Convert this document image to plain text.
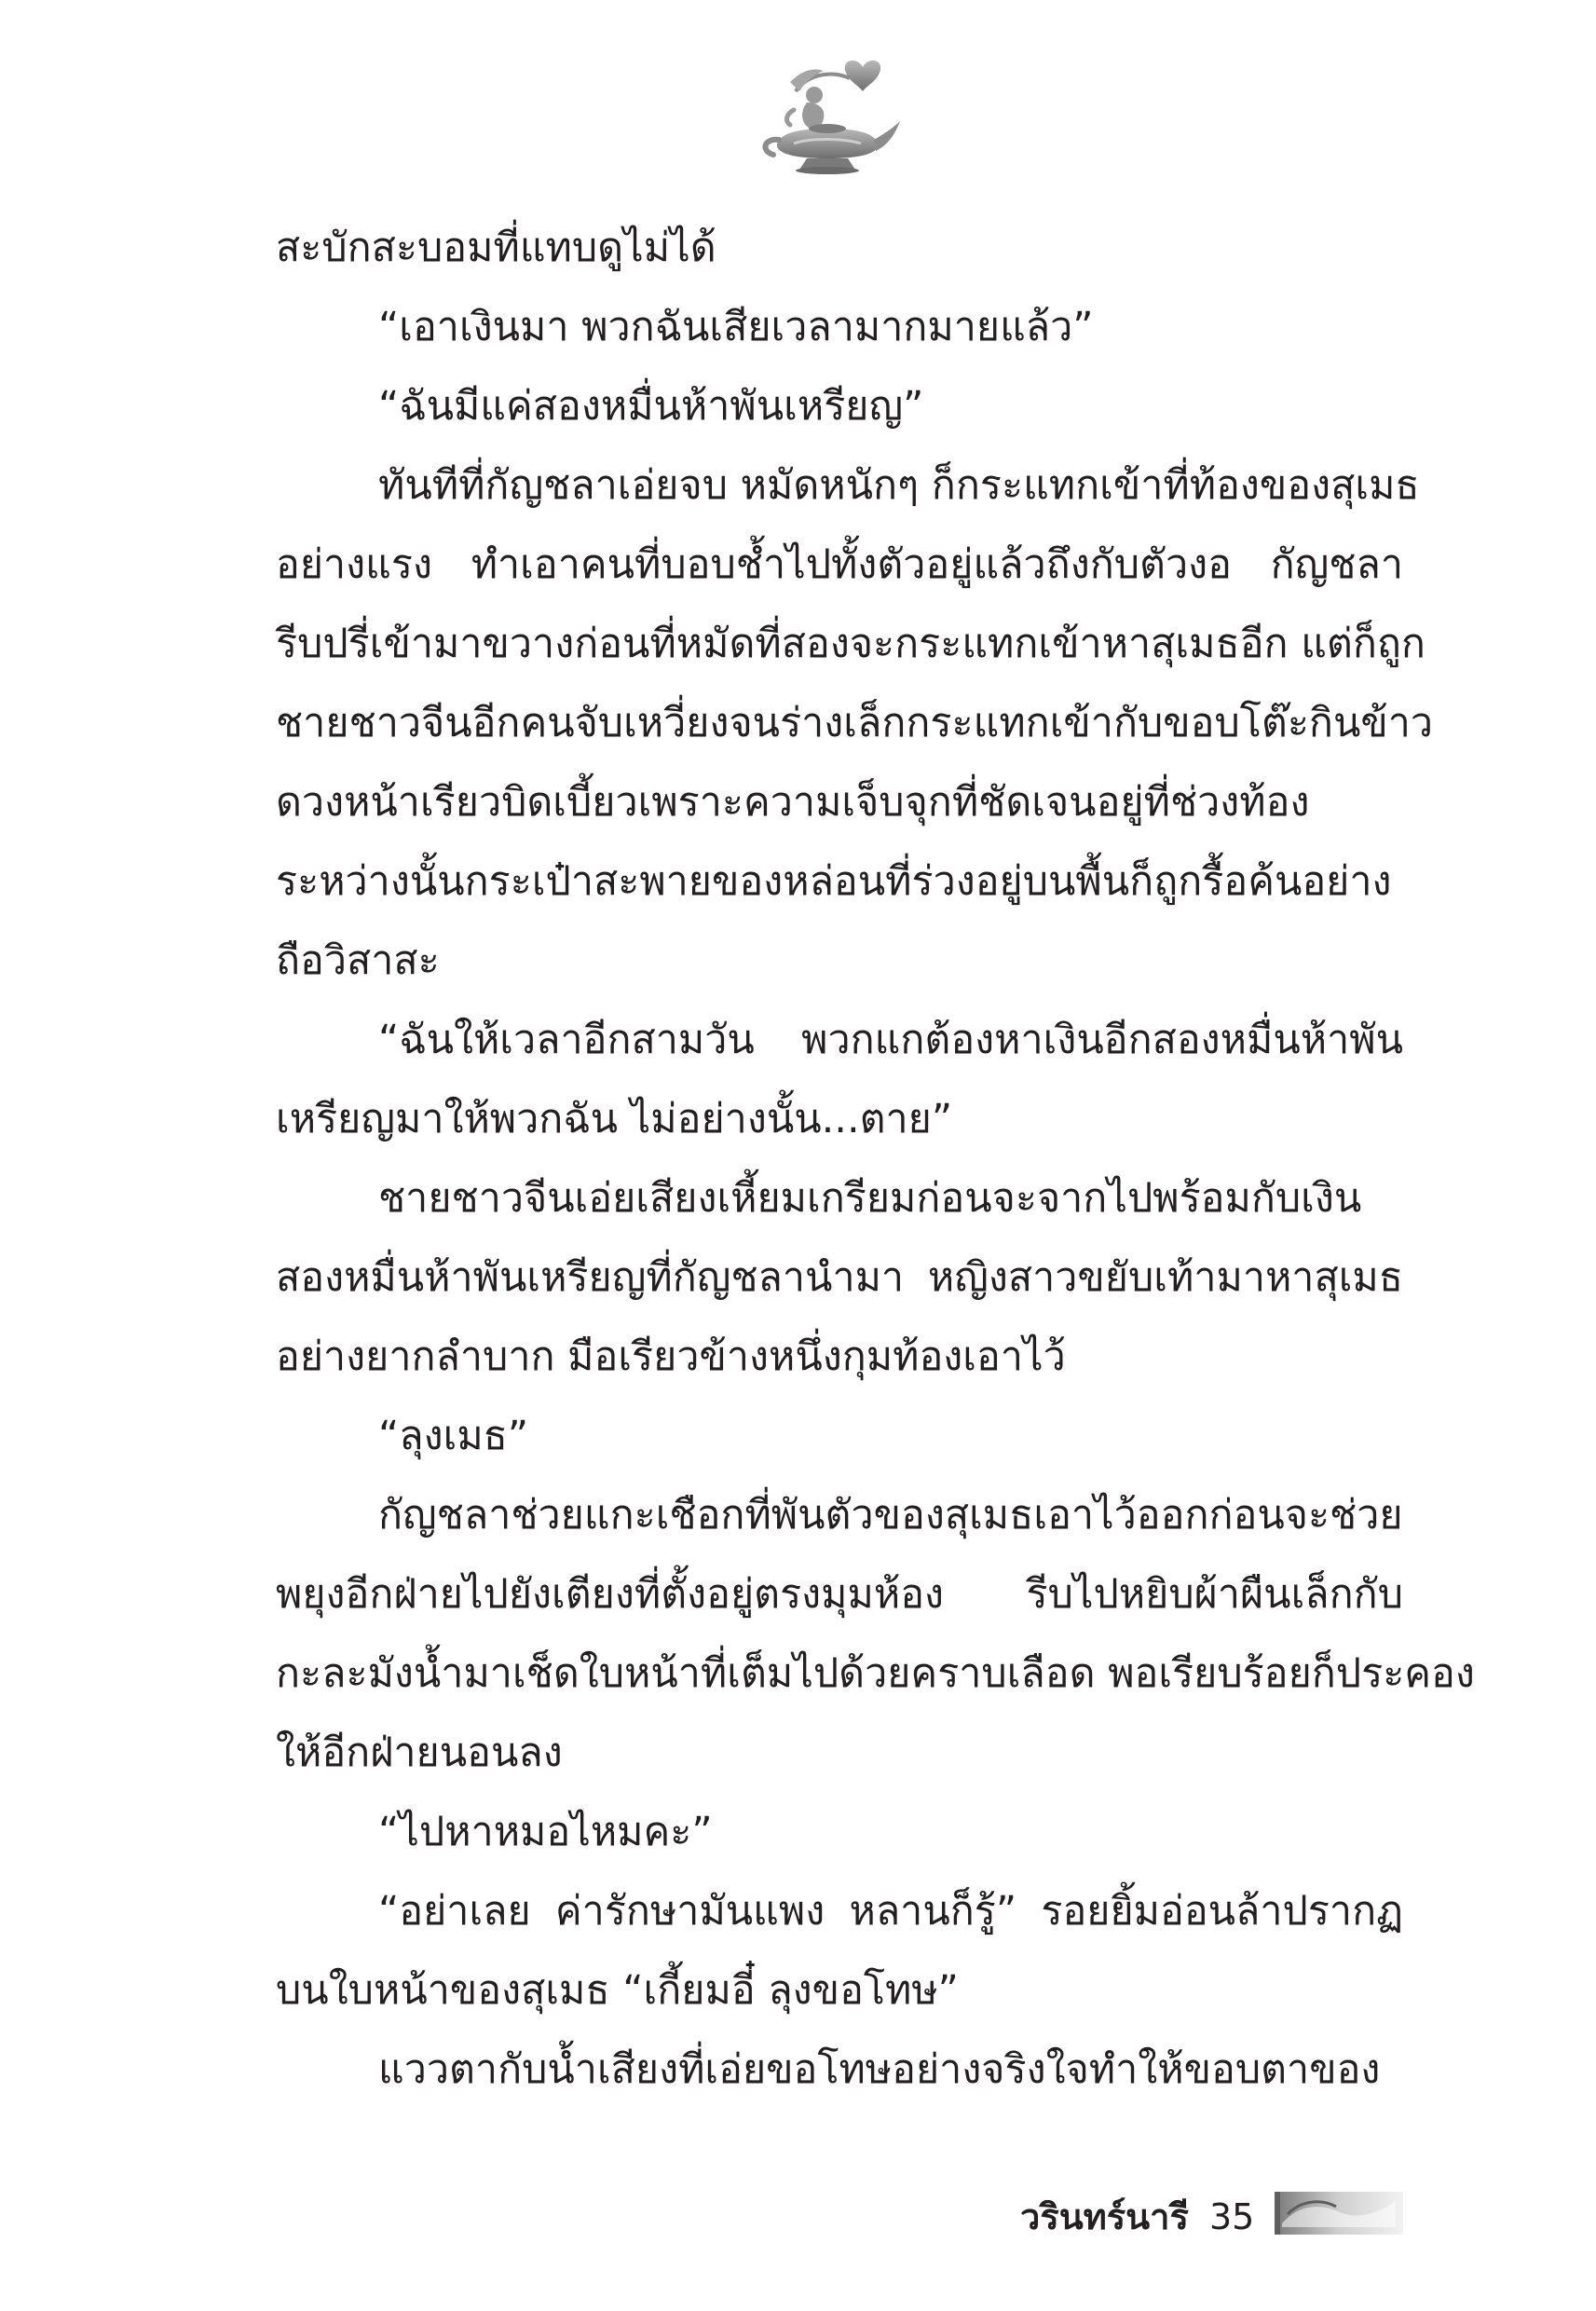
สะบักสะบอมที่แทบดูไม่ได้
“เอาเงินมา พวกฉันเสียเวลามากมายแล้ว”
“ฉันมีแค่สองหมื่นห้าพันเหรียญ”
ทันทีที่กัญชลาเอ่ยจบ หมัดหนักๆ ก็กระแทกเข้าที่ท้องของสุเมธ
อย่างแรง ทำเอาคนที่บอบช้ำไปทั้งตัวอยู่แล้วถึงกับตัวงอ กัญชลา
รีบปรี่เข้ามาขวางก่อนที่หมัดที่สองจะกระแทกเข้าหาสุเมธอีก แต่ก็ถูก
ชายชาวจีนอีกคนจับเหวี่ยงจนร่างเล็กกระแทกเข้ากับขอบโต๊ะกินข้าว
ดวงหน้าเรียวบิดเบี้ยวเพราะความเจ็บจุกที่ชัดเจนอยู่ที่ช่วงท้อง
ระหว่างนั้นกระเป๋าสะพายของหล่อนที่ร่วงอยู่บนพื้นก็ถูกรื้อค้นอย่าง
ถือวิสาสะ
“ฉันให้เวลาอีกสามวัน พวกแกต้องหาเงินอีกสองหมื่นห้าพัน
เหรียญมาให้พวกฉัน ไม่อย่างนั้น...ตาย”
ชายชาวจีนเอ่ยเสียงเหี้ยมเกรียมก่อนจะจากไปพร้อมกับเงิน
สองหมื่นห้าพันเหรียญที่กัญชลานำมา หญิงสาวขยับเท้ามาหาสุเมธ
อย่างยากลำบาก มือเรียวข้างหนึ่งกุมท้องเอาไว้
“ลุงเมธ”
กัญชลาช่วยแกะเชือกที่พันตัวของสุเมธเอาไว้ออกก่อนจะช่วย
พยุงอีกฝ่ายไปยังเตียงที่ตั้งอยู่ตรงมุมห้อง รีบไปหยิบผ้าผืนเล็กกับ
กะละมังน้ำมาเช็ดใบหน้าที่เต็มไปด้วยคราบเลือด พอเรียบร้อยก็ประคอง
ให้อีกฝ่ายนอนลง
“ไปหาหมอไหมคะ”
“อย่าเลย ค่ารักษามันแพง หลานก็รู้” รอยยิ้มอ่อนล้าปรากฏ
บนใบหน้าของสุเมธ “เกี้ยมอี๋ ลุงขอโทษ”
แววตากับน้ำเสียงที่เอ่ยขอโทษอย่างจริงใจทำให้ขอบตาของ
วรินทร์นารี 35
